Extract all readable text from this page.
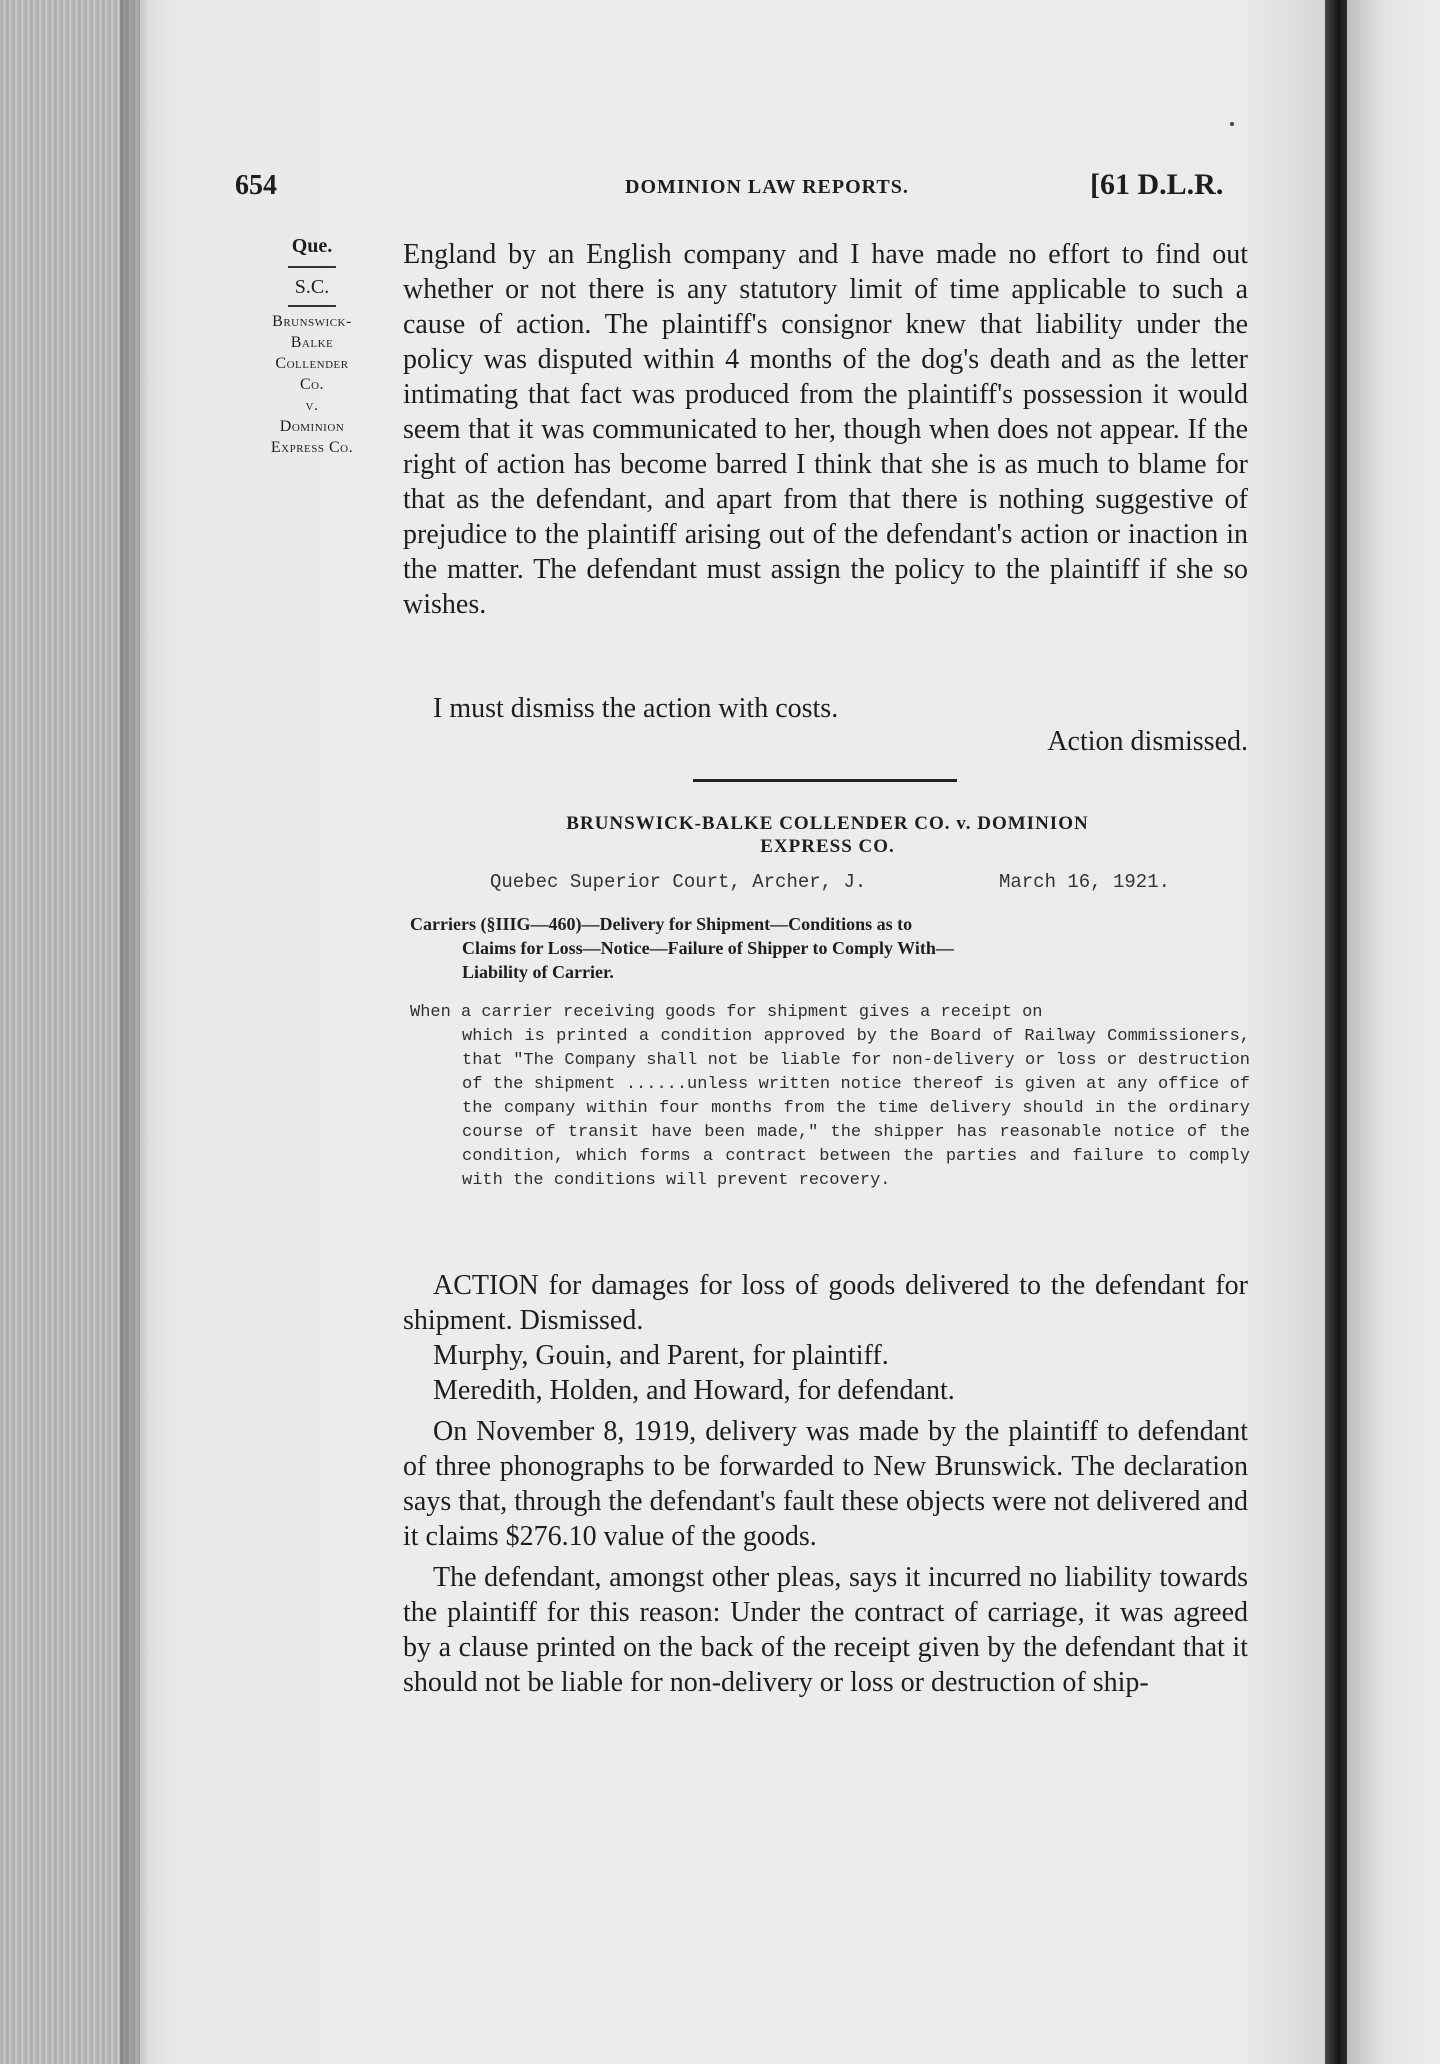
654	DOMINION LAW REPORTS.	[61 D.L.R.
Que.
S.C.
Brunswick-
Balke
Collender
Co.
v.
Dominion
Express Co.

England by an English company and I have made no effort to find out whether or not there is any statutory limit of time applicable to such a cause of action. The plaintiff's consignor knew that liability under the policy was disputed within 4 months of the dog's death and as the letter intimating that fact was produced from the plaintiff's possession it would seem that it was communicated to her, though when does not appear. If the right of action has become barred I think that she is as much to blame for that as the defendant, and apart from that there is nothing suggestive of prejudice to the plaintiff arising out of the defendant's action or inaction in the matter. The defendant must assign the policy to the plaintiff if she so wishes.

I must dismiss the action with costs.

Action dismissed.
BRUNSWICK-BALKE COLLENDER CO. v. DOMINION
EXPRESS CO.
Quebec Superior Court, Archer, J.	March 16, 1921.
Carriers (§IIIG—460)—Delivery for Shipment—Conditions as to
Claims for Loss—Notice—Failure of Shipper to Comply With—
Liability of Carrier.
When a carrier receiving goods for shipment gives a receipt on
which is printed a condition approved by the Board of Railway Commissioners, that "The Company shall not be liable for non-delivery or loss or destruction of the shipment ......unless written notice thereof is given at any office of the company within four months from the time delivery should in the ordinary course of transit have been made," the shipper has reasonable notice of the condition, which forms a contract between the parties and failure to comply with the conditions will prevent recovery.

ACTION for damages for loss of goods delivered to the defendant for shipment. Dismissed.

Murphy, Gouin, and Parent, for plaintiff.

Meredith, Holden, and Howard, for defendant.

On November 8, 1919, delivery was made by the plaintiff to defendant of three phonographs to be forwarded to New Brunswick. The declaration says that, through the defendant's fault these objects were not delivered and it claims $276.10 value of the goods.

The defendant, amongst other pleas, says it incurred no liability towards the plaintiff for this reason: Under the contract of carriage, it was agreed by a clause printed on the back of the receipt given by the defendant that it should not be liable for non-delivery or loss or destruction of ship-
